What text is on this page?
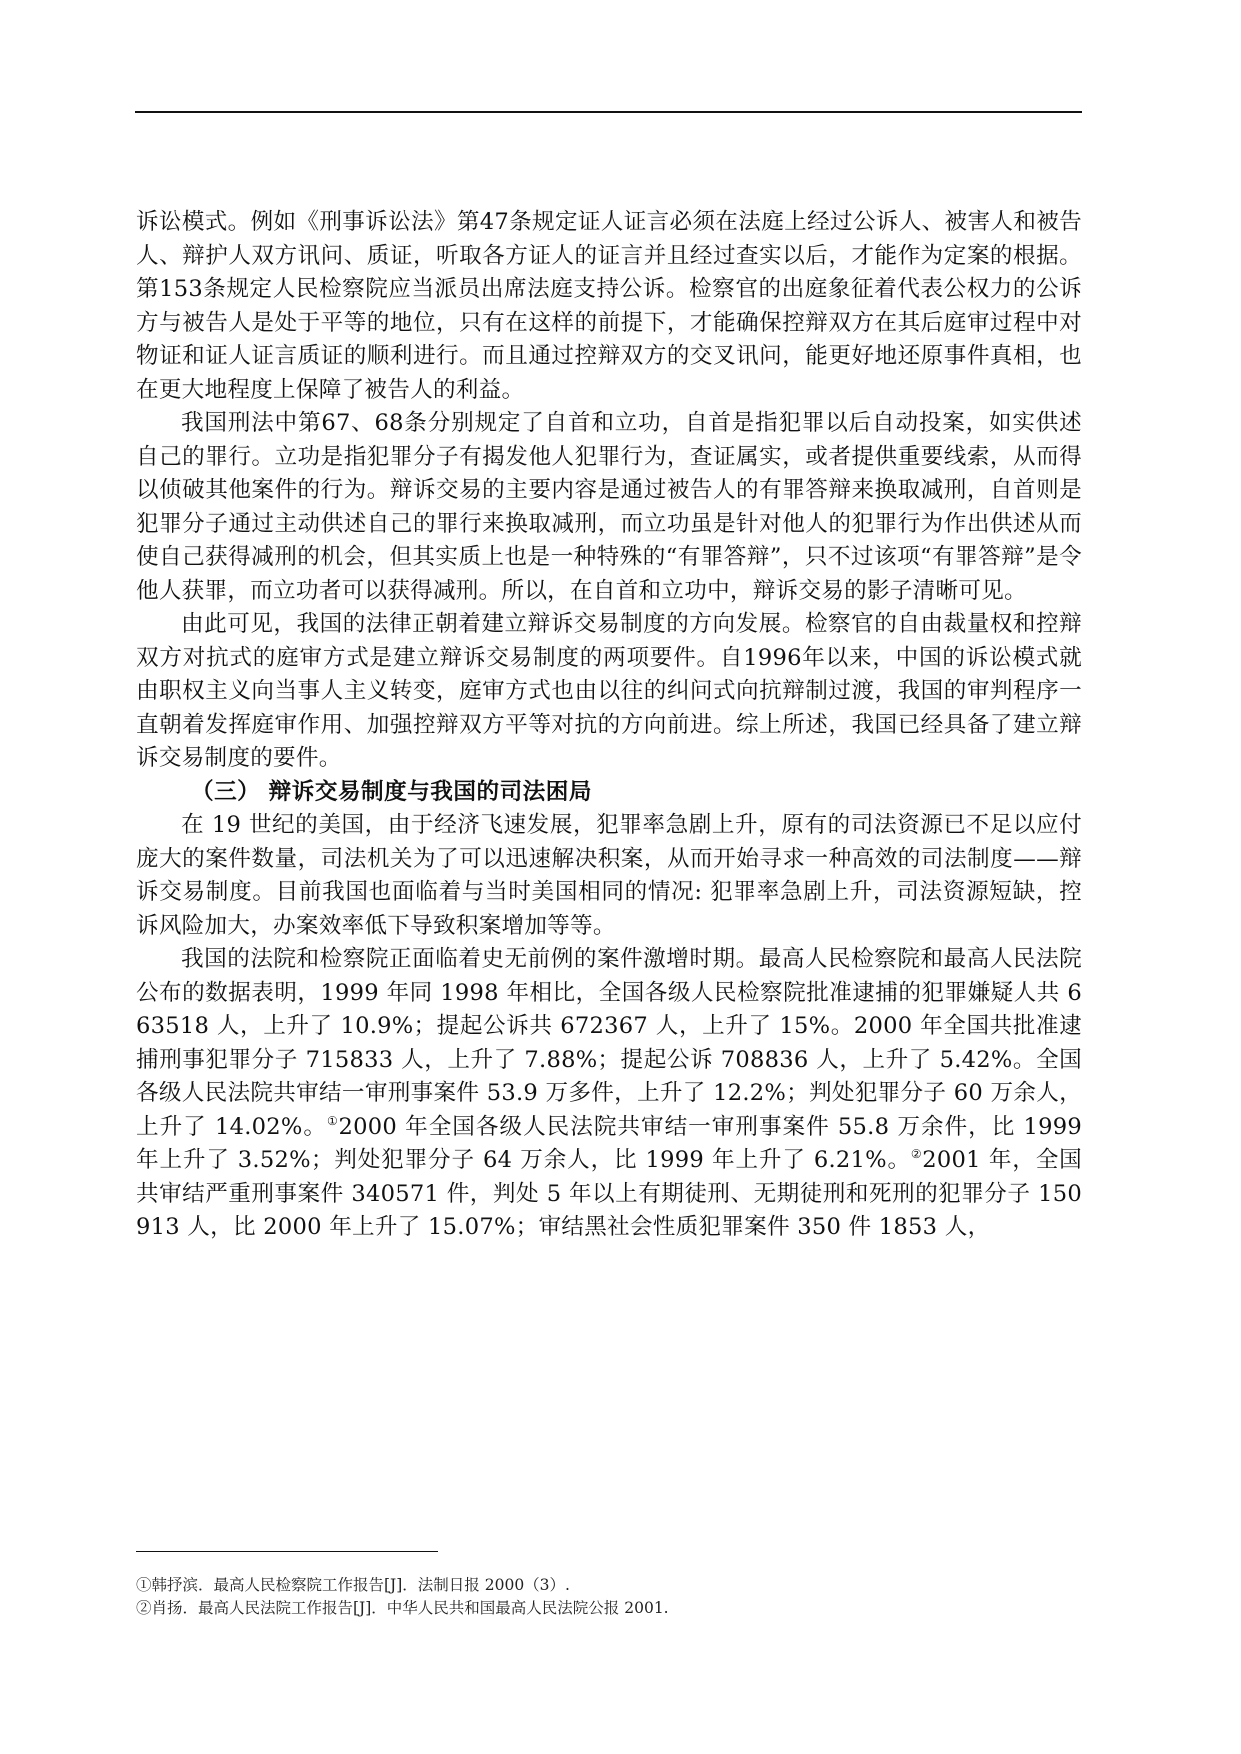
诉讼模式。例如《刑事诉讼法》第47条规定证人证言必须在法庭上经过公诉人、被害人和被告人、辩护人双方讯问、质证，听取各方证人的证言并且经过查实以后，才能作为定案的根据。第153条规定人民检察院应当派员出席法庭支持公诉。检察官的出庭象征着代表公权力的公诉方与被告人是处于平等的地位，只有在这样的前提下，才能确保控辩双方在其后庭审过程中对物证和证人证言质证的顺利进行。而且通过控辩双方的交叉讯问，能更好地还原事件真相，也在更大地程度上保障了被告人的利益。

我国刑法中第67、68条分别规定了自首和立功，自首是指犯罪以后自动投案，如实供述自己的罪行。立功是指犯罪分子有揭发他人犯罪行为，查证属实，或者提供重要线索，从而得以侦破其他案件的行为。辩诉交易的主要内容是通过被告人的有罪答辩来换取减刑，自首则是犯罪分子通过主动供述自己的罪行来换取减刑，而立功虽是针对他人的犯罪行为作出供述从而使自己获得减刑的机会，但其实质上也是一种特殊的“有罪答辩”，只不过该项“有罪答辩”是令他人获罪，而立功者可以获得减刑。所以，在自首和立功中，辩诉交易的影子清晰可见。

由此可见，我国的法律正朝着建立辩诉交易制度的方向发展。检察官的自由裁量权和控辩双方对抗式的庭审方式是建立辩诉交易制度的两项要件。自1996年以来，中国的诉讼模式就由职权主义向当事人主义转变，庭审方式也由以往的纠问式向抗辩制过渡，我国的审判程序一直朝着发挥庭审作用、加强控辩双方平等对抗的方向前进。综上所述，我国已经具备了建立辩诉交易制度的要件。

（三） 辩诉交易制度与我国的司法困局

在 19 世纪的美国，由于经济飞速发展，犯罪率急剧上升，原有的司法资源已不足以应付庞大的案件数量，司法机关为了可以迅速解决积案，从而开始寻求一种高效的司法制度——辩诉交易制度。目前我国也面临着与当时美国相同的情况: 犯罪率急剧上升，司法资源短缺，控诉风险加大，办案效率低下导致积案增加等等。

我国的法院和检察院正面临着史无前例的案件激增时期。最高人民检察院和最高人民法院公布的数据表明，1999 年同 1998 年相比，全国各级人民检察院批准逮捕的犯罪嫌疑人共 663518 人，上升了 10.9%；提起公诉共 672367 人，上升了 15%。2000 年全国共批准逮捕刑事犯罪分子 715833 人，上升了 7.88%；提起公诉 708836 人，上升了 5.42%。全国各级人民法院共审结一审刑事案件 53.9 万多件，上升了 12.2%；判处犯罪分子 60 万余人，上升了 14.02%。①2000 年全国各级人民法院共审结一审刑事案件 55.8 万余件，比 1999 年上升了 3.52%；判处犯罪分子 64 万余人，比 1999 年上升了 6.21%。②2001 年，全国共审结严重刑事案件 340571 件，判处 5 年以上有期徒刑、无期徒刑和死刑的犯罪分子 150913 人，比 2000 年上升了 15.07%；审结黑社会性质犯罪案件 350 件 1853 人，

①韩抒滨．最高人民检察院工作报告[J]．法制日报 2000（3）.

②肖扬．最高人民法院工作报告[J]．中华人民共和国最高人民法院公报 2001.
